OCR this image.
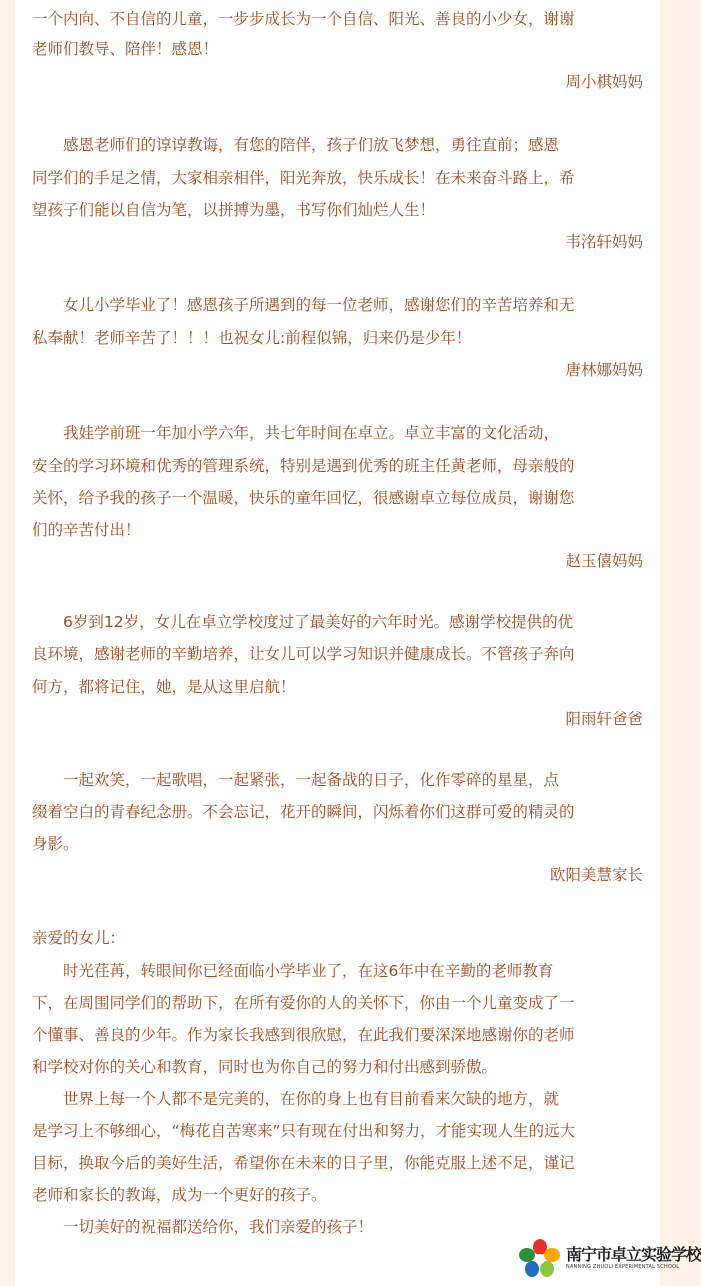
一个内向、不自信的儿童，一步步成长为一个自信、阳光、善良的小少女，谢谢
老师们教导、陪伴！感恩！
周小棋妈妈
　　感恩老师们的谆谆教诲，有您的陪伴，孩子们放飞梦想，勇往直前；感恩
同学们的手足之情，大家相亲相伴，阳光奔放，快乐成长！在未来奋斗路上，希
望孩子们能以自信为笔，以拼搏为墨，书写你们灿烂人生！
韦洺轩妈妈
　　女儿小学毕业了！感恩孩子所遇到的每一位老师，感谢您们的辛苦培养和无
私奉献！老师辛苦了！！！也祝女儿:前程似锦，归来仍是少年！
唐林娜妈妈
　　我娃学前班一年加小学六年，共七年时间在卓立。卓立丰富的文化活动，
安全的学习环境和优秀的管理系统，特别是遇到优秀的班主任黄老师，母亲般的
关怀，给予我的孩子一个温暖，快乐的童年回忆，很感谢卓立每位成员，谢谢您
们的辛苦付出！
赵玉僖妈妈
　　6岁到12岁，女儿在卓立学校度过了最美好的六年时光。感谢学校提供的优
良环境，感谢老师的辛勤培养，让女儿可以学习知识并健康成长。不管孩子奔向
何方，都将记住，她，是从这里启航！
阳雨轩爸爸
　　一起欢笑，一起歌唱，一起紧张，一起备战的日子，化作零碎的星星，点
缀着空白的青春纪念册。不会忘记，花开的瞬间，闪烁着你们这群可爱的精灵的
身影。
欧阳美慧家长
亲爱的女儿：
　　时光荏苒，转眼间你已经面临小学毕业了，在这6年中在辛勤的老师教育
下，在周围同学们的帮助下，在所有爱你的人的关怀下，你由一个儿童变成了一
个懂事、善良的少年。作为家长我感到很欣慰，在此我们要深深地感谢你的老师
和学校对你的关心和教育，同时也为你自己的努力和付出感到骄傲。
　　世界上每一个人都不是完美的，在你的身上也有目前看来欠缺的地方，就
是学习上不够细心，“梅花自苦寒来”只有现在付出和努力，才能实现人生的远大
目标，换取今后的美好生活，希望你在未来的日子里，你能克服上述不足，谨记
老师和家长的教诲，成为一个更好的孩子。
　　一切美好的祝福都送给你，我们亲爱的孩子！
南宁市卓立实验学校
NANNING ZHUOLI EXPERIMENTAL SCHOOL
